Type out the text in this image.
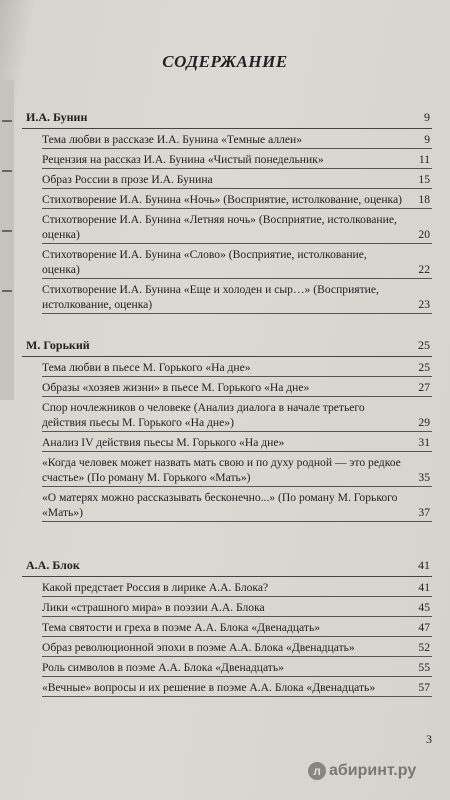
СОДЕРЖАНИЕ
И.А. Бунин	9
Тема любви в рассказе И.А. Бунина «Темные аллеи»	9
Рецензия на рассказ И.А. Бунина «Чистый понедельник»	11
Образ России в прозе И.А. Бунина	15
Стихотворение И.А. Бунина «Ночь» (Восприятие, истолкование, оценка)	18
Стихотворение И.А. Бунина «Летняя ночь» (Восприятие, истолкование, оценка)	20
Стихотворение И.А. Бунина «Слово» (Восприятие, истолкование, оценка)	22
Стихотворение И.А. Бунина «Еще и холоден и сыр…» (Восприятие, истолкование, оценка)	23
М. Горький	25
Тема любви в пьесе М. Горького «На дне»	25
Образы «хозяев жизни» в пьесе М. Горького «На дне»	27
Спор ночлежников о человеке (Анализ диалога в начале третьего действия пьесы М. Горького «На дне»)	29
Анализ IV действия пьесы М. Горького «На дне»	31
«Когда человек может назвать мать свою и по духу родной — это редкое счастье» (По роману М. Горького «Мать»)	35
«О матерях можно рассказывать бесконечно...» (По роману М. Горького «Мать»)	37
А.А. Блок	41
Какой предстает Россия в лирике А.А. Блока?	41
Лики «страшного мира» в поэзии А.А. Блока	45
Тема святости и греха в поэме А.А. Блока «Двенадцать»	47
Образ революционной эпохи в поэме А.А. Блока «Двенадцать»	52
Роль символов в поэме А.А. Блока «Двенадцать»	55
«Вечные» вопросы и их решение в поэме А.А. Блока «Двенадцать»	57
3
л абиринт.ру
